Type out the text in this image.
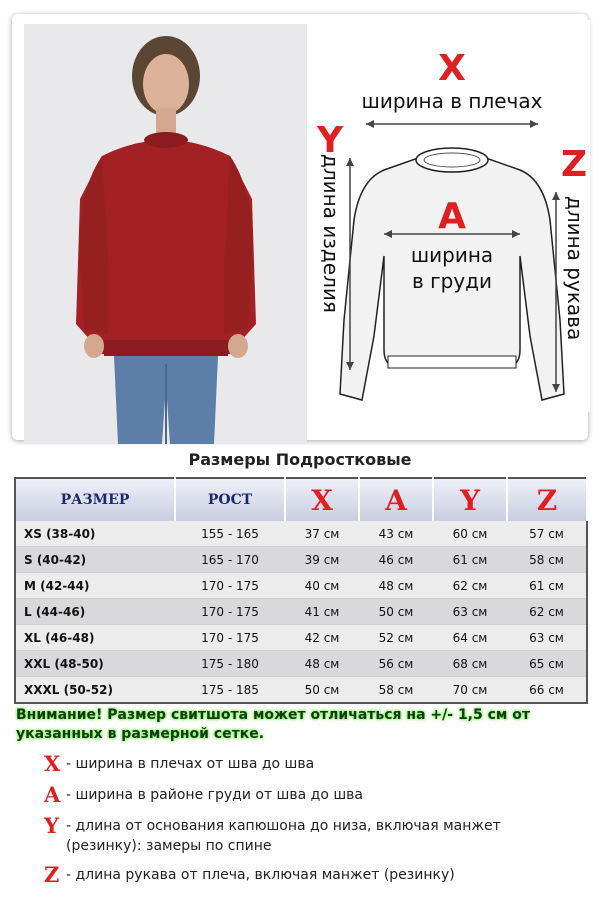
X
ширина в плечах
Y
Z
длина изделия	длина рукава
A
ширина
в груди
Размеры Подростковые
РАЗМЕР	РОСТ	X	A	Y	Z
XS (38-40)	155 - 165	37 см	43 см	60 см	57 см
S (40-42)	165 - 170	39 см	46 см	61 см	58 см
M (42-44)	170 - 175	40 см	48 см	62 см	61 см
L (44-46)	170 - 175	41 см	50 см	63 см	62 см
XL (46-48)	170 - 175	42 см	52 см	64 см	63 см
XXL (48-50)	175 - 180	48 см	56 см	68 см	65 см
XXXL (50-52)	175 - 185	50 см	58 см	70 см	66 см
Внимание! Размер свитшота может отличаться на +/- 1,5 см от указанных в размерной сетке.
X - ширина в плечах от шва до шва
A - ширина в районе груди от шва до шва
Y - длина от основания капюшона до низа, включая манжет (резинку): замеры по спине
Z - длина рукава от плеча, включая манжет (резинку)
